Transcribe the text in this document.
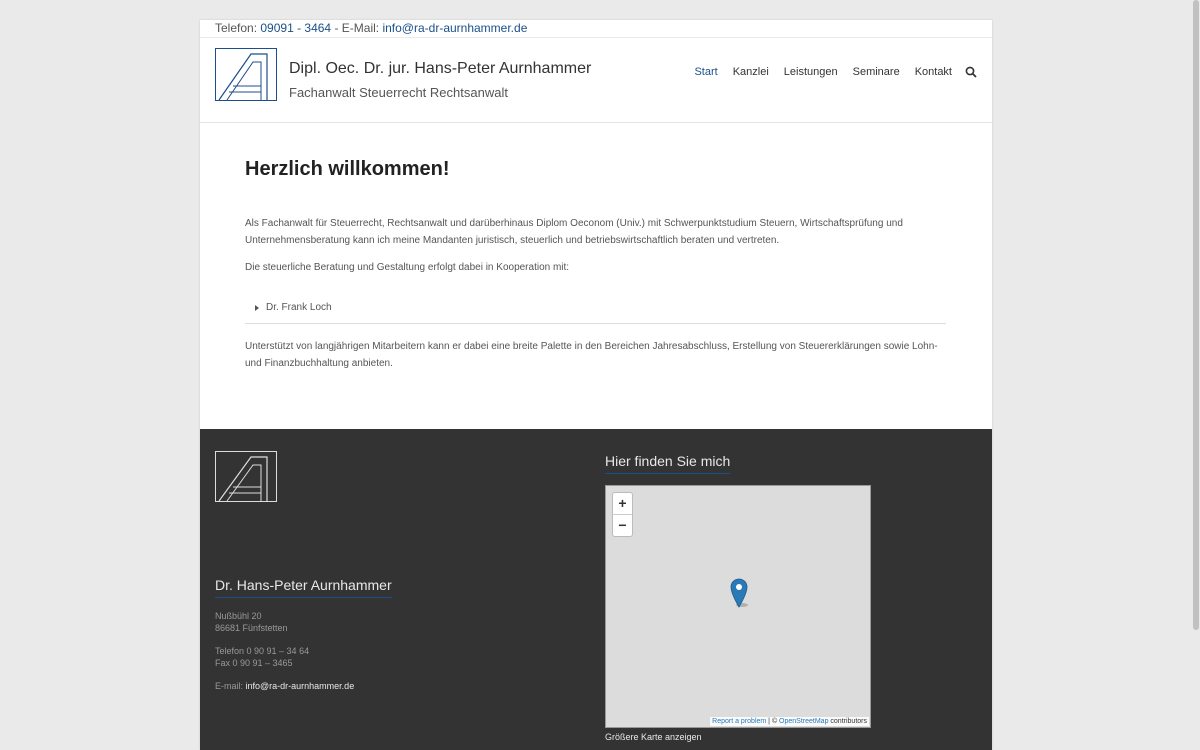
Telefon: 09091 - 3464 - E-Mail: info@ra-dr-aurnhammer.de
Dipl. Oec. Dr. jur. Hans-Peter Aurnhammer
Fachanwalt Steuerrecht Rechtsanwalt
Start Kanzlei Leistungen Seminare Kontakt
Herzlich willkommen!

Als Fachanwalt für Steuerrecht, Rechtsanwalt und darüberhinaus Diplom Oeconom (Univ.) mit Schwerpunktstudium Steuern, Wirtschaftsprüfung und Unternehmensberatung kann ich meine Mandanten juristisch, steuerlich und betriebswirtschaftlich beraten und vertreten.

Die steuerliche Beratung und Gestaltung erfolgt dabei in Kooperation mit:

Dr. Frank Loch

Unterstützt von langjährigen Mitarbeitern kann er dabei eine breite Palette in den Bereichen Jahresabschluss, Erstellung von Steuererklärungen sowie Lohn- und Finanzbuchhaltung anbieten.

Dr. Hans-Peter Aurnhammer
Nußbühl 20
86681 Fünfstetten
Telefon 0 90 91 – 34 64
Fax 0 90 91 – 3465
E-mail: info@ra-dr-aurnhammer.de
Hier finden Sie mich
+
−
Report a problem | © OpenStreetMap contributors
Größere Karte anzeigen
